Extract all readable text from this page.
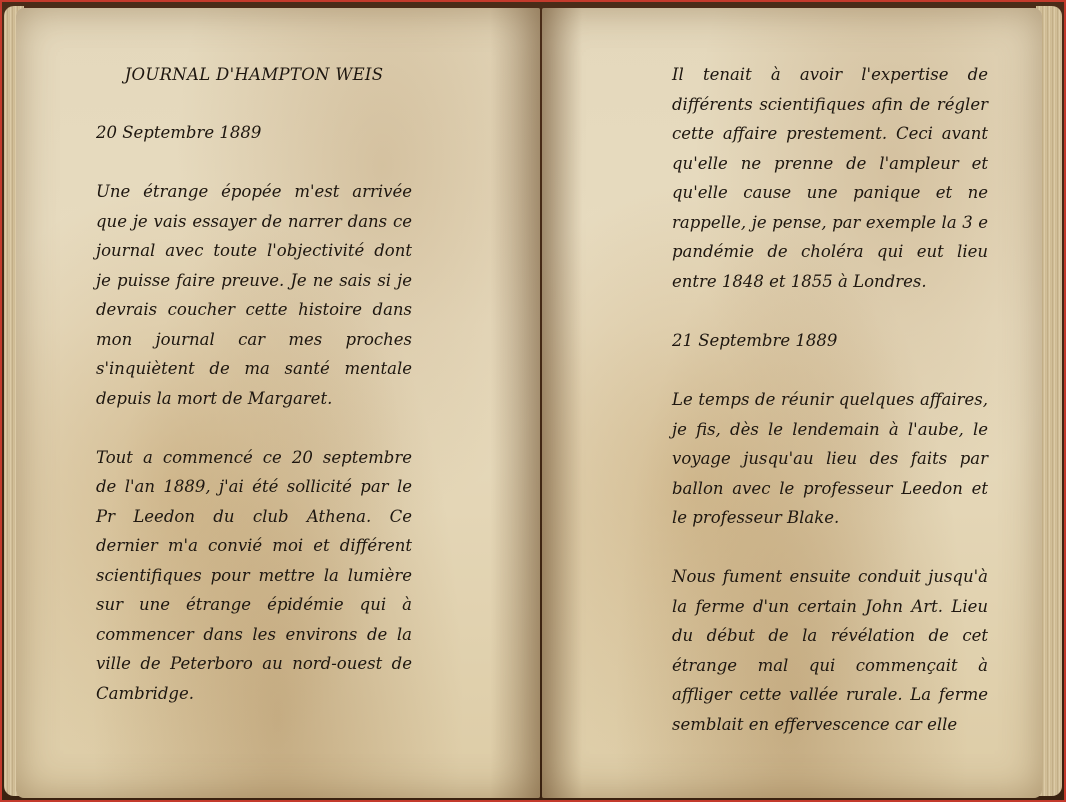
JOURNAL D'HAMPTON WEIS

20 Septembre 1889

Une étrange épopée m'est arrivée que je vais essayer de narrer dans ce journal avec toute l'objectivité dont je puisse faire preuve. Je ne sais si je devrais coucher cette histoire dans mon journal car mes proches s'inquiètent de ma santé mentale depuis la mort de Margaret.

Tout a commencé ce 20 septembre de l'an 1889, j'ai été sollicité par le Pr Leedon du club Athena. Ce dernier m'a convié moi et différent scientifiques pour mettre la lumière sur une étrange épidémie qui à commencer dans les environs de la ville de Peterboro au nord-ouest de Cambridge.

Il tenait à avoir l'expertise de différents scientifiques afin de régler cette affaire prestement. Ceci avant qu'elle ne prenne de l'ampleur et qu'elle cause une panique et ne rappelle, je pense, par exemple la 3 e pandémie de choléra qui eut lieu entre 1848 et 1855 à Londres.

21 Septembre 1889

Le temps de réunir quelques affaires, je fis, dès le lendemain à l'aube, le voyage jusqu'au lieu des faits par ballon avec le professeur Leedon et le professeur Blake.

Nous fument ensuite conduit jusqu'à la ferme d'un certain John Art. Lieu du début de la révélation de cet étrange mal qui commençait à affliger cette vallée rurale. La ferme semblait en effervescence car elle
